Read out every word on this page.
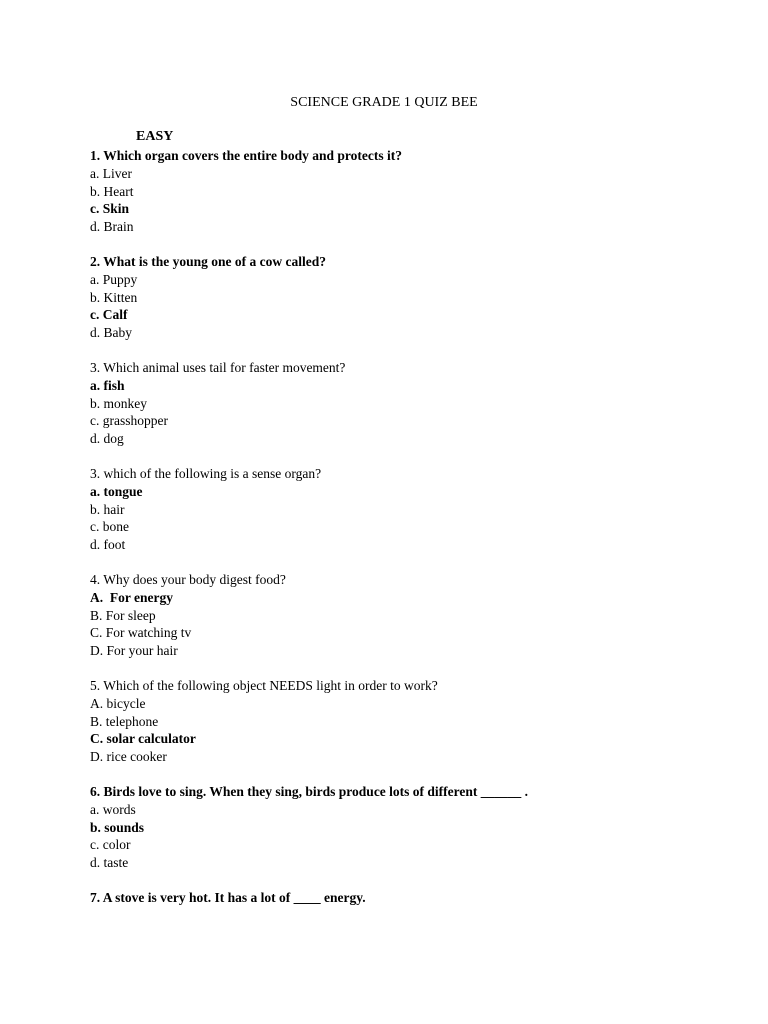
SCIENCE GRADE 1 QUIZ BEE
EASY
1. Which organ covers the entire body and protects it?
a. Liver
b. Heart
c. Skin
d. Brain
2. What is the young one of a cow called?
a. Puppy
b. Kitten
c. Calf
d. Baby
3. Which animal uses tail for faster movement?
a. fish
b. monkey
c. grasshopper
d. dog
3. which of the following is a sense organ?
a. tongue
b. hair
c. bone
d. foot
4. Why does your body digest food?
A.  For energy
B. For sleep
C. For watching tv
D. For your hair
5. Which of the following object NEEDS light in order to work?
A. bicycle
B. telephone
C. solar calculator
D. rice cooker
6. Birds love to sing. When they sing, birds produce lots of different ______ .
a. words
b. sounds
c. color
d. taste
7. A stove is very hot. It has a lot of ____ energy.
